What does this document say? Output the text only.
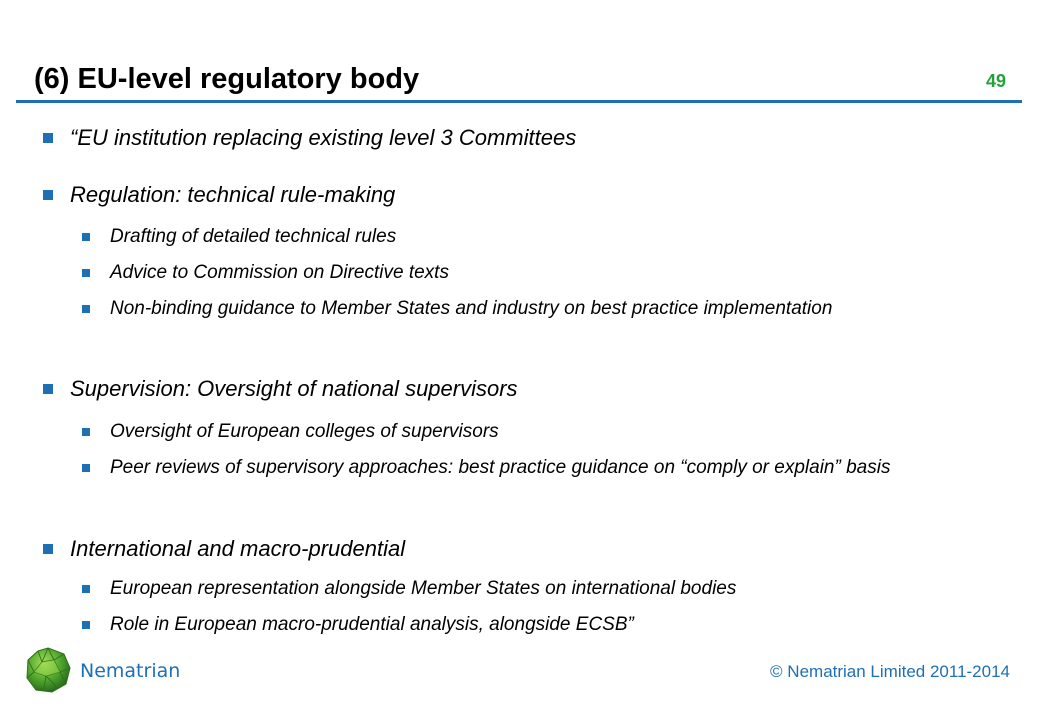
(6) EU-level regulatory body	49
“EU institution replacing existing level 3 Committees
Regulation: technical rule-making
Drafting of detailed technical rules
Advice to Commission on Directive texts
Non-binding guidance to Member States and industry on best practice implementation
Supervision: Oversight of national supervisors
Oversight of European colleges of supervisors
Peer reviews of supervisory approaches: best practice guidance on “comply or explain” basis
International and macro-prudential
European representation alongside Member States on international bodies
Role in European macro-prudential analysis, alongside ECSB”
Nematrian	© Nematrian Limited 2011-2014
